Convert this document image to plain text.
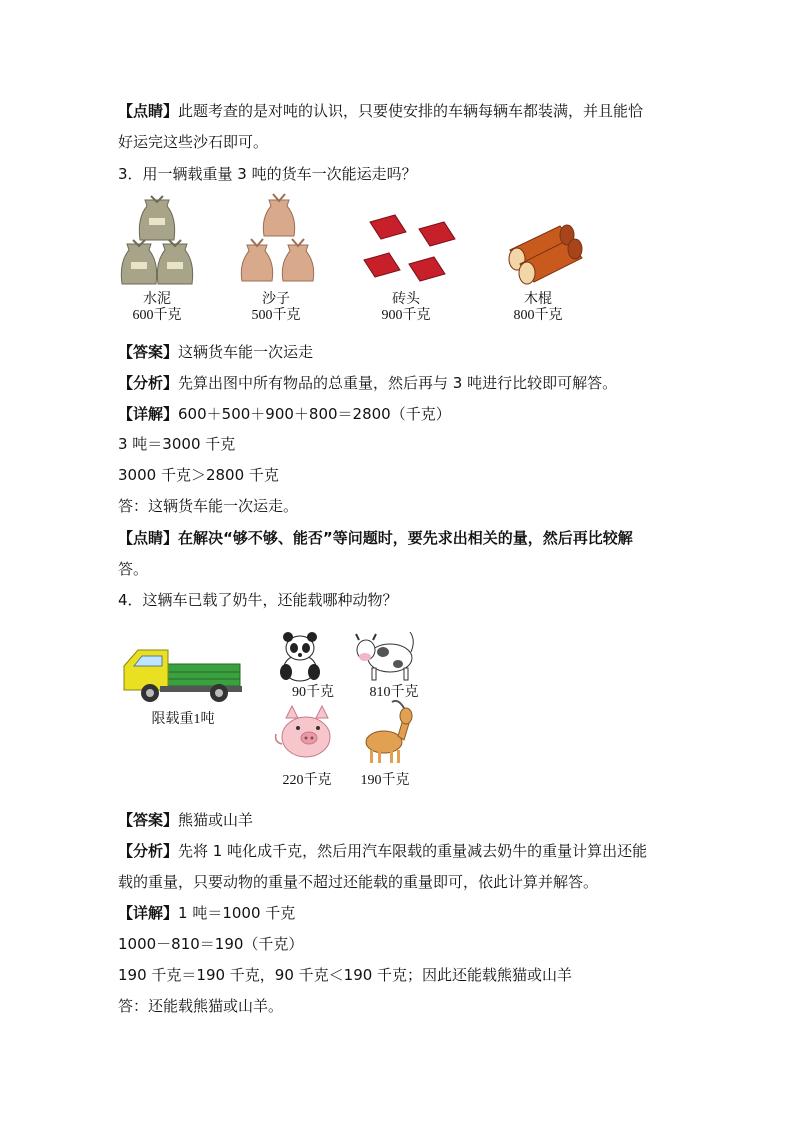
【点睛】此题考查的是对吨的认识，只要使安排的车辆每辆车都装满，并且能恰
好运完这些沙石即可。
3．用一辆载重量 3 吨的货车一次能运走吗？
水泥
600千克
沙子
500千克
砖头
900千克
木棍
800千克
【答案】这辆货车能一次运走
【分析】先算出图中所有物品的总重量，然后再与 3 吨进行比较即可解答。
【详解】600＋500＋900＋800＝2800（千克）
3 吨＝3000 千克
3000 千克＞2800 千克
答：这辆货车能一次运走。
【点睛】在解决“够不够、能否”等问题时，要先求出相关的量，然后再比较解
答。
4．这辆车已载了奶牛，还能载哪种动物？
限载重1吨
90千克	810千克
220千克	190千克
【答案】熊猫或山羊
【分析】先将 1 吨化成千克，然后用汽车限载的重量减去奶牛的重量计算出还能
载的重量，只要动物的重量不超过还能载的重量即可，依此计算并解答。
【详解】1 吨＝1000 千克
1000－810＝190（千克）
190 千克＝190 千克，90 千克＜190 千克；因此还能载熊猫或山羊
答：还能载熊猫或山羊。
